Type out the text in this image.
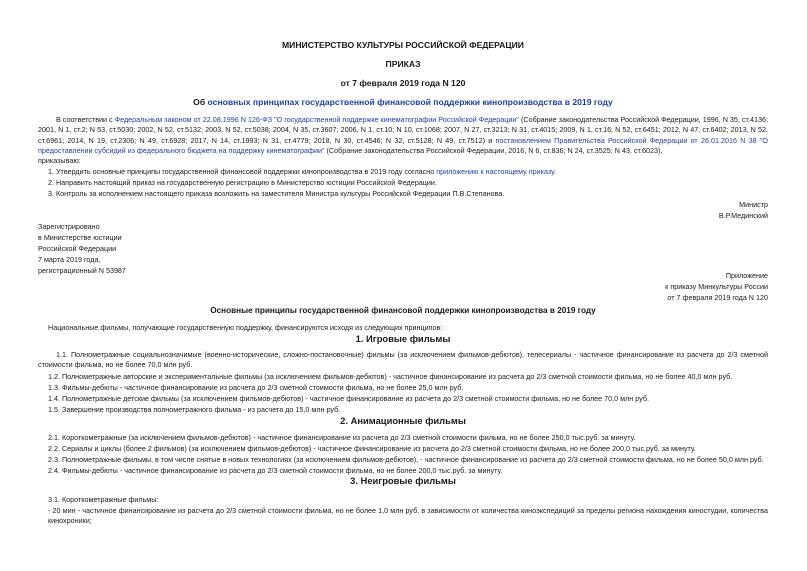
МИНИСТЕРСТВО КУЛЬТУРЫ РОССИЙСКОЙ ФЕДЕРАЦИИ
ПРИКАЗ
от 7 февраля 2019 года N 120
Об основных принципах государственной финансовой поддержки кинопроизводства в 2019 году
В соответствии с Федеральным законом от 22.08.1996 N 126-ФЗ "О государственной поддержке кинематографии Российской Федерации" (Собрание законодательства Российской Федерации, 1996, N 35, ст.4136; 2001, N 1, ст.2; N 53, ст.5030; 2002, N 52, ст.5132; 2003, N 52, ст.5038; 2004, N 35, ст.3607; 2006, N 1, ст.10; N 10, ст.1068; 2007, N 27, ст.3213; N 31, ст.4015; 2009, N 1, ст.16; N 52, ст.6451; 2012, N 47, ст.6402; 2013, N 52, ст.6961; 2014, N 19, ст.2306; N 49, ст.6928; 2017, N 14, ст.1993; N 31, ст.4779; 2018, N 30, ст.4546; N 32, ст.5128; N 49, ст.7512) и постановлением Правительства Российской Федерации от 26.01.2016 N 38 "О предоставлении субсидий из федерального бюджета на поддержку кинематографии" (Собрание законодательства Российской Федерации, 2016, N 6, ст.836; N 24, ст.3525; N 43, ст.6023),
приказываю:
1. Утвердить основные принципы государственной финансовой поддержки кинопроизводства в 2019 году согласно приложению к настоящему приказу.
2. Направить настоящий приказ на государственную регистрацию в Министерство юстиции Российской Федерации.
3. Контроль за исполнением настоящего приказа возложить на заместителя Министра культуры Российской Федерации П.В.Степанова.
Министр
В.Р.Мединский
Зарегистрировано
в Министерстве юстиции
Российской Федерации
7 марта 2019 года,
регистрационный N 53987
Приложение
к приказу Минкультуры России
от 7 февраля 2019 года N 120
Основные принципы государственной финансовой поддержки кинопроизводства в 2019 году
Национальные фильмы, получающие государственную поддержку, финансируются исходя из следующих принципов:
1. Игровые фильмы
1.1. Полнометражные социальнозначимые (военно-исторические, сложно-постановочные) фильмы (за исключением фильмов-дебютов), телесериалы - частичное финансирование из расчета до 2/3 сметной стоимости фильма, но не более 70,0 млн руб.
1.2. Полнометражные авторские и экспериментальные фильмы (за исключением фильмов-дебютов) - частичное финансирование из расчета до 2/3 сметной стоимости фильма, но не более 40,0 млн руб.
1.3. Фильмы-дебюты - частичное финансирование из расчета до 2/3 сметной стоимости фильма, но не более 25,0 млн руб.
1.4. Полнометражные детские фильмы (за исключением фильмов-дебютов) - частичное финансирование из расчета до 2/3 сметной стоимости фильма, но не более 70,0 млн руб.
1.5. Завершение производства полнометражного фильма - из расчета до 15,0 млн руб.
2. Анимационные фильмы
2.1. Короткометражные (за исключением фильмов-дебютов) - частичное финансирование из расчета до 2/3 сметной стоимости фильма, но не более 250,0 тыс.руб. за минуту.
2.2. Сериалы и циклы (более 2 фильмов) (за исключением фильмов-дебютов) - частичное финансирование из расчета до 2/3 сметной стоимости фильма, но не более 200,0 тыс.руб. за минуту.
2.3. Полнометражные фильмы, в том числе снятые в новых технологиях (за исключением фильмов-дебютов), - частичное финансирование из расчета до 2/3 сметной стоимости фильма, но не более 50,0 млн руб.
2.4. Фильмы-дебюты - частичное финансирование из расчета до 2/3 сметной стоимости фильма, но не более 200,0 тыс.руб. за минуту.
3. Неигровые фильмы
3.1. Короткометражные фильмы:
- 20 мин - частичное финансирование из расчета до 2/3 сметной стоимости фильма, но не более 1,0 млн руб. в зависимости от количества киноэкспедиций за пределы региона нахождения киностудии, количества кинохроники;
